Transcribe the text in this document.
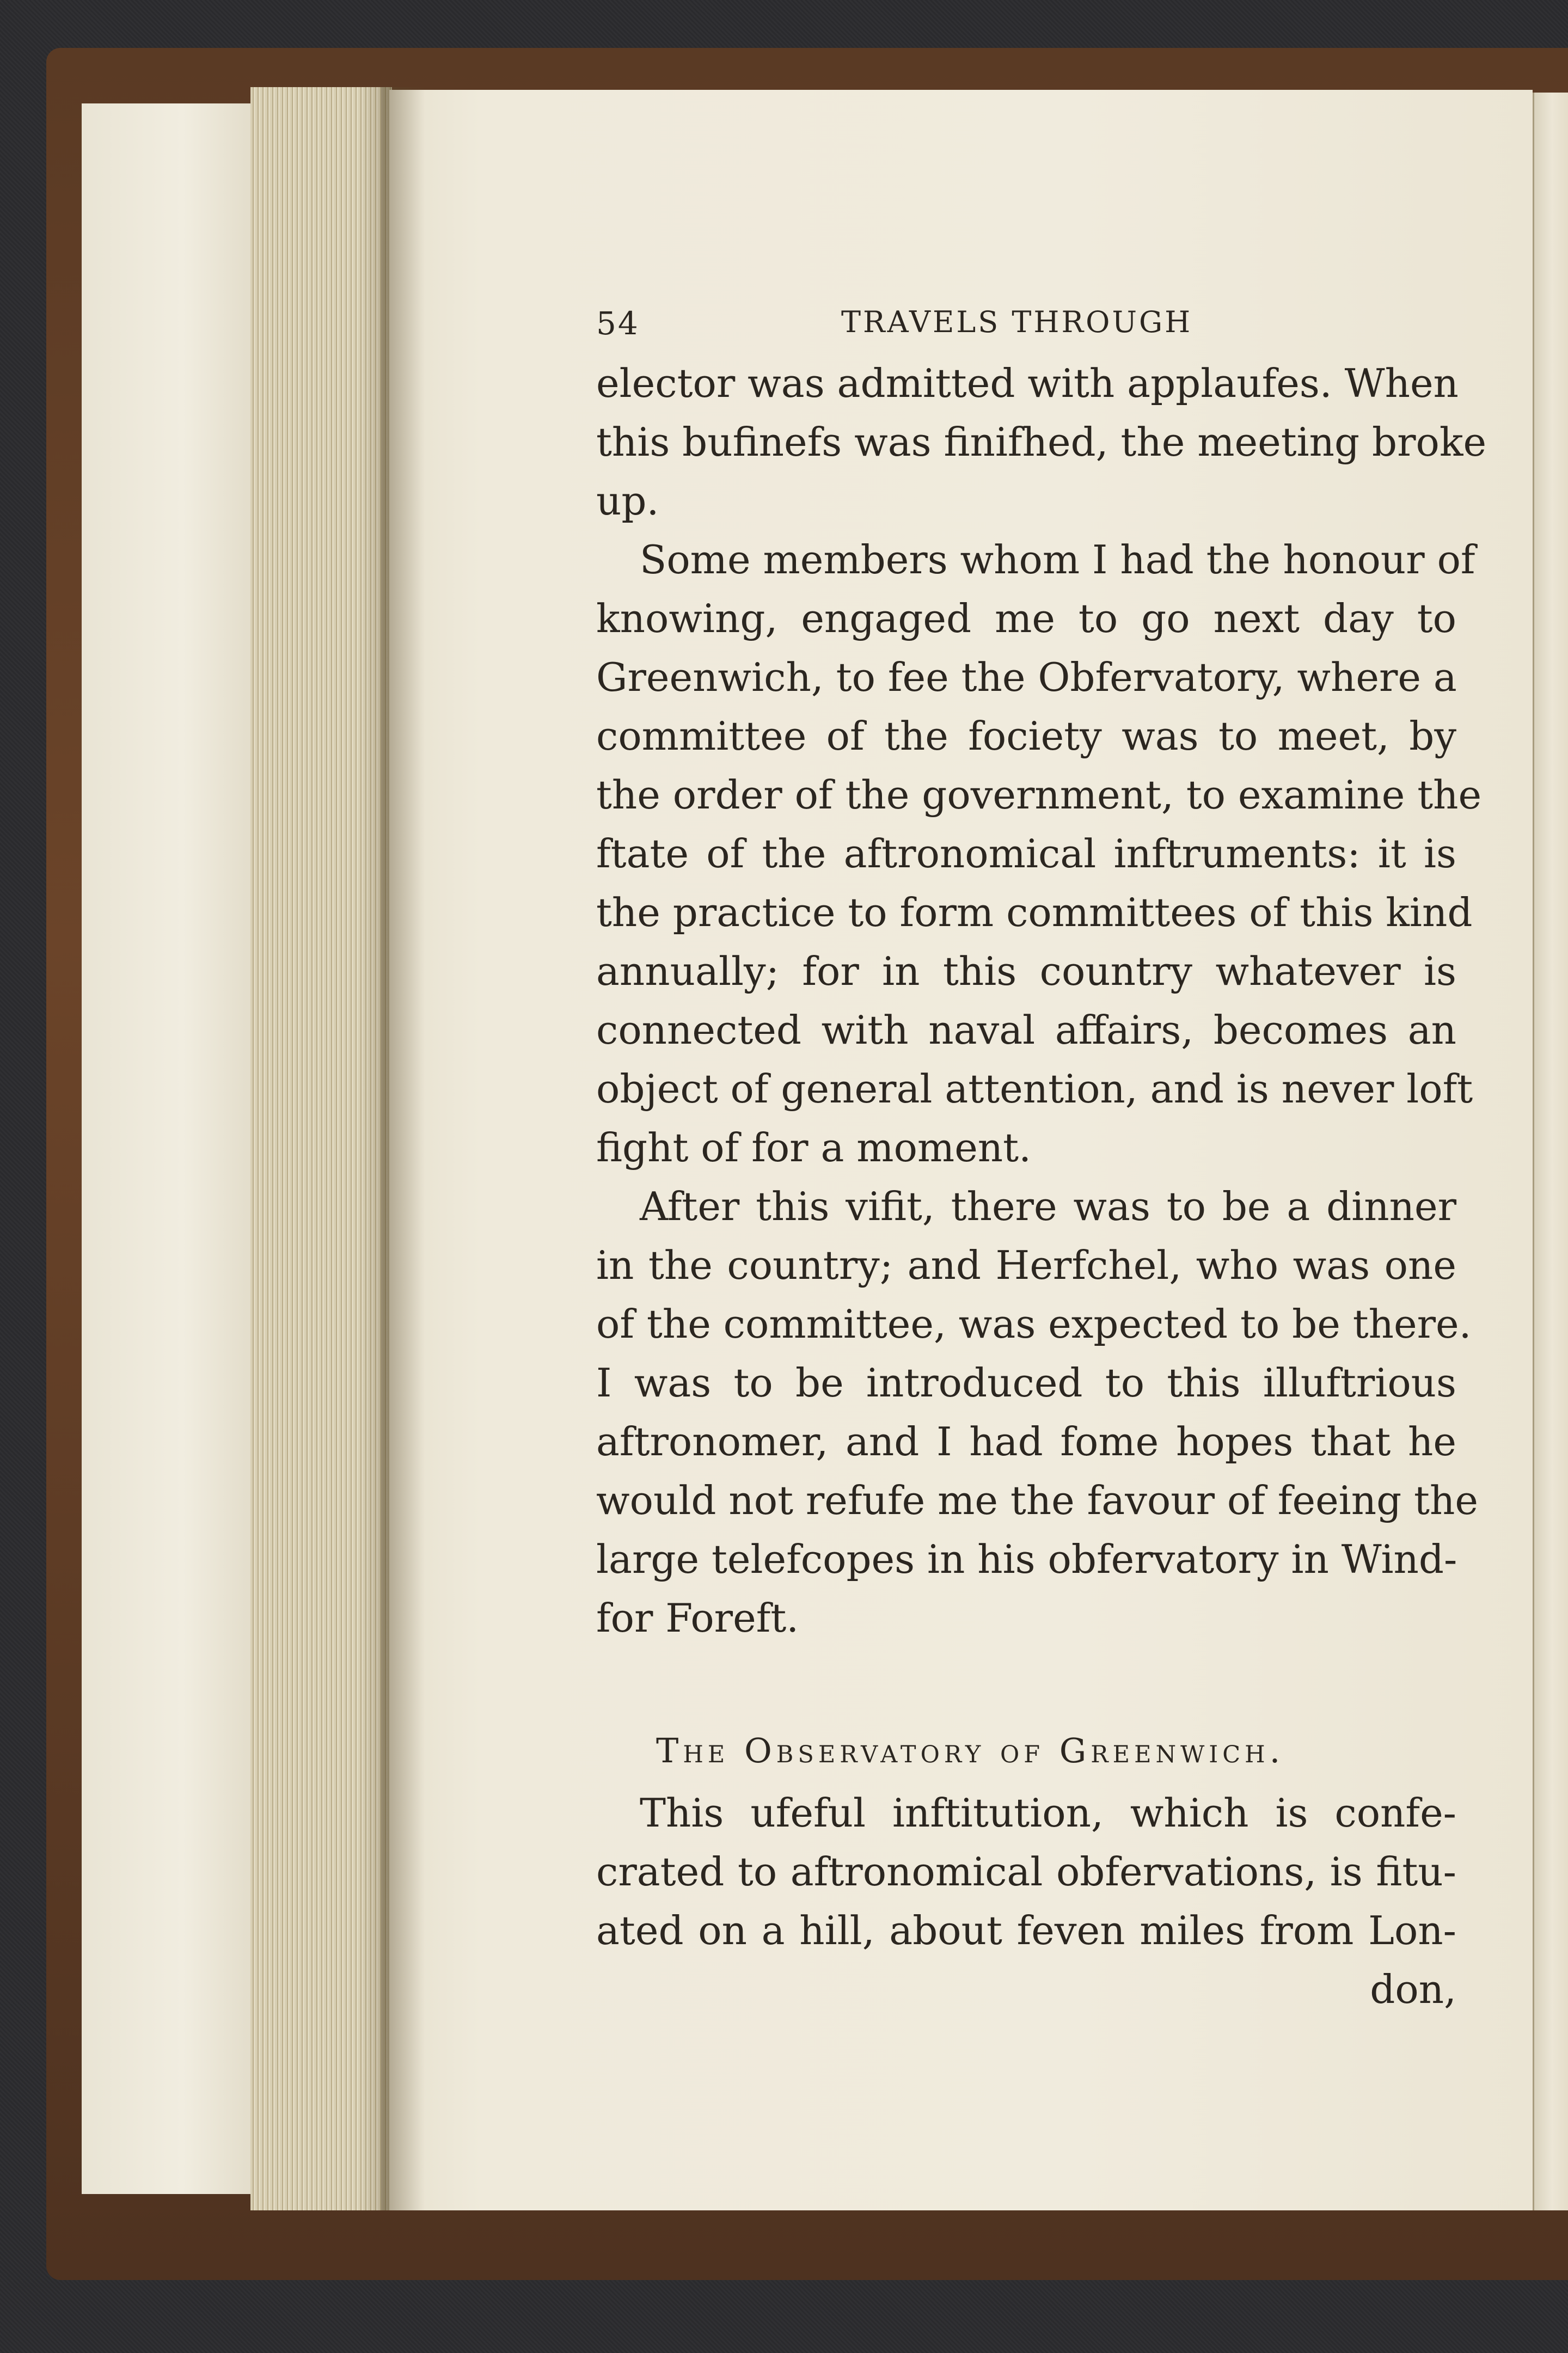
54	TRAVELS THROUGH
elector was admitted with applaufes. When
this bufinefs was finifhed, the meeting broke
up.
Some members whom I had the honour of
knowing, engaged me to go next day to
Greenwich, to fee the Obfervatory, where a
committee of the fociety was to meet, by
the order of the government, to examine the
ftate of the aftronomical inftruments: it is
the practice to form committees of this kind
annually; for in this country whatever is
connected with naval affairs, becomes an
object of general attention, and is never loft
fight of for a moment.
After this vifit, there was to be a dinner
in the country; and Herfchel, who was one
of the committee, was expected to be there.
I was to be introduced to this illuftrious
aftronomer, and I had fome hopes that he
would not refufe me the favour of feeing the
large telefcopes in his obfervatory in Wind-
for Foreft.
The Observatory of Greenwich.
This ufeful inftitution, which is confe-
crated to aftronomical obfervations, is fitu-
ated on a hill, about feven miles from Lon-
don,
